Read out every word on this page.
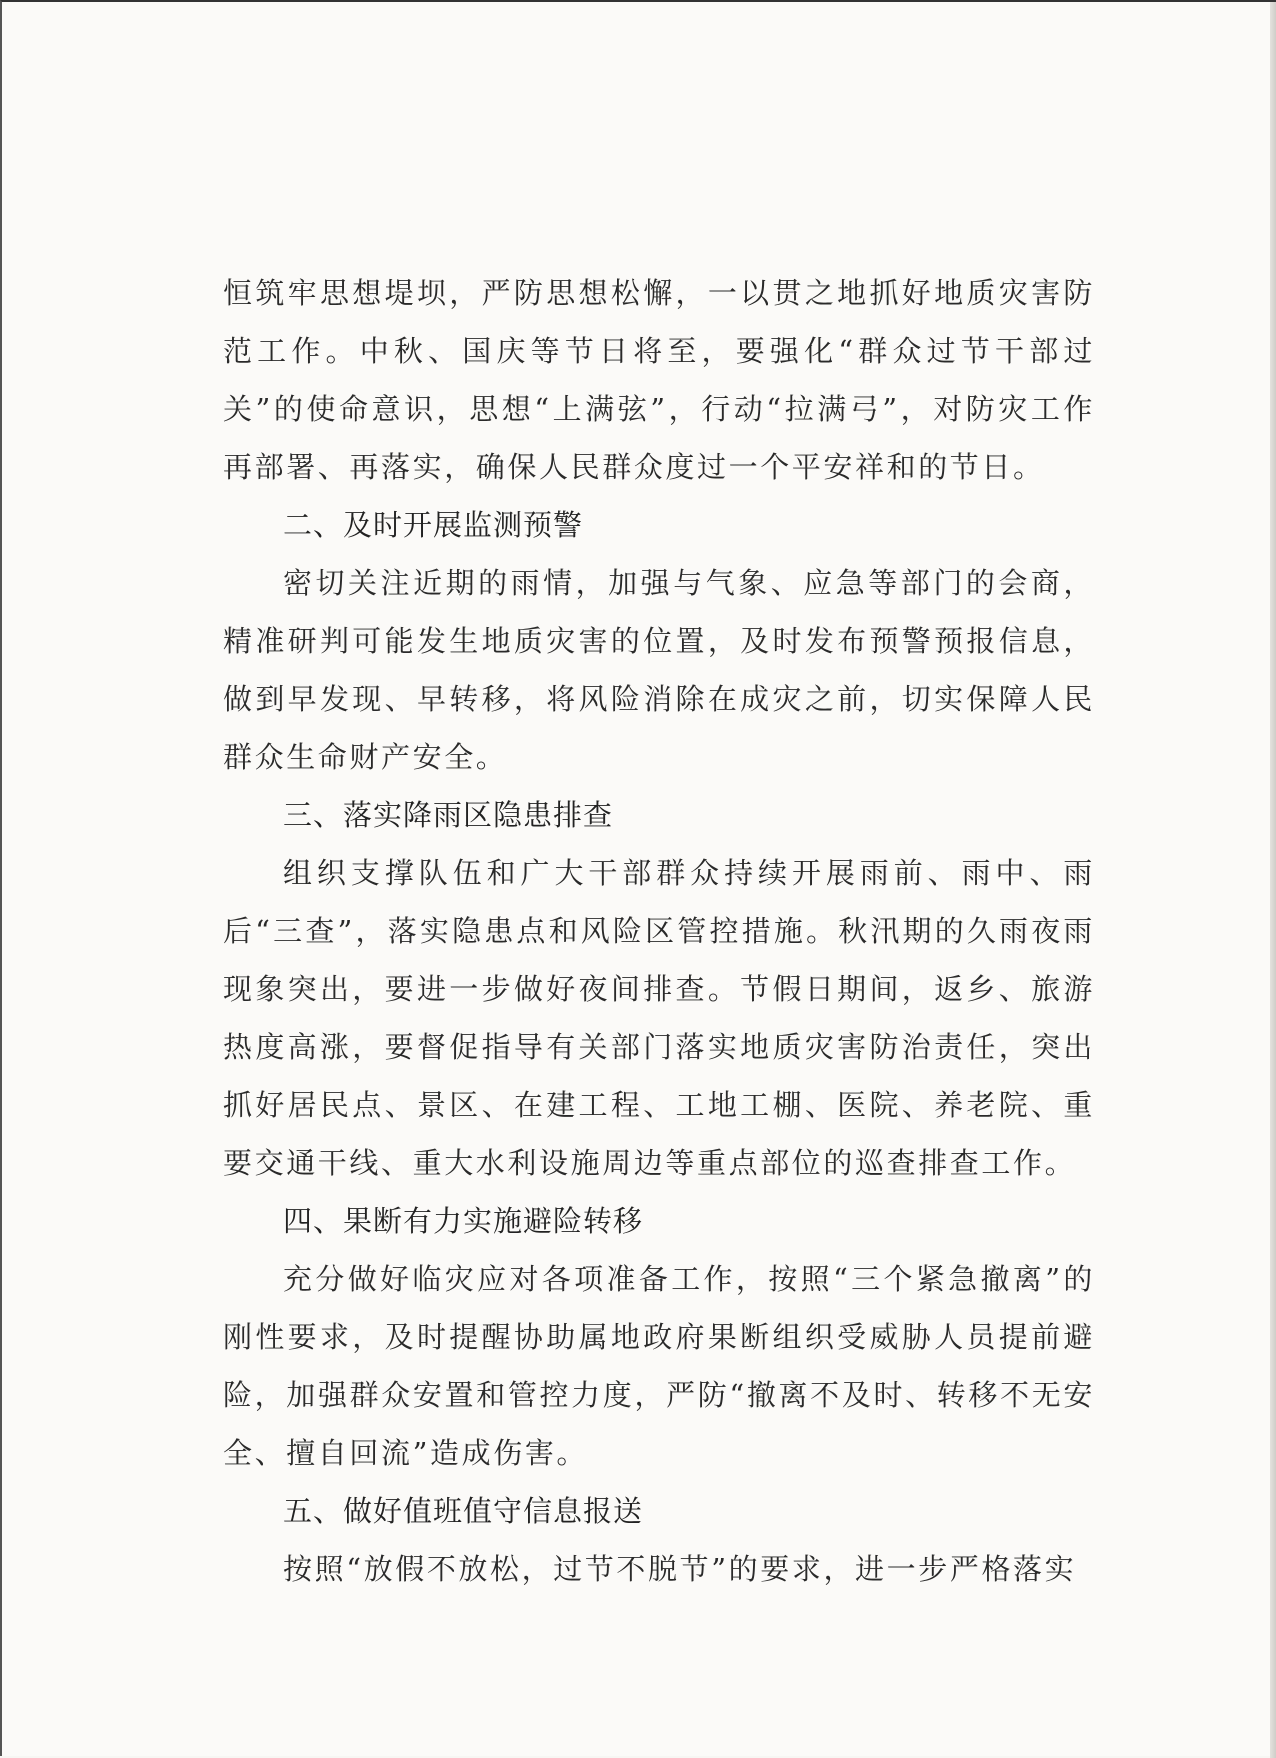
恒筑牢思想堤坝，严防思想松懈，一以贯之地抓好地质灾害防范工作。中秋、国庆等节日将至，要强化“群众过节干部过关”的使命意识，思想“上满弦”，行动“拉满弓”，对防灾工作再部署、再落实，确保人民群众度过一个平安祥和的节日。

二、及时开展监测预警

密切关注近期的雨情，加强与气象、应急等部门的会商，精准研判可能发生地质灾害的位置，及时发布预警预报信息，做到早发现、早转移，将风险消除在成灾之前，切实保障人民群众生命财产安全。

三、落实降雨区隐患排查

组织支撑队伍和广大干部群众持续开展雨前、雨中、雨后“三查”，落实隐患点和风险区管控措施。秋汛期的久雨夜雨现象突出，要进一步做好夜间排查。节假日期间，返乡、旅游热度高涨，要督促指导有关部门落实地质灾害防治责任，突出抓好居民点、景区、在建工程、工地工棚、医院、养老院、重要交通干线、重大水利设施周边等重点部位的巡查排查工作。

四、果断有力实施避险转移

充分做好临灾应对各项准备工作，按照“三个紧急撤离”的刚性要求，及时提醒协助属地政府果断组织受威胁人员提前避险，加强群众安置和管控力度，严防“撤离不及时、转移不无安全、擅自回流”造成伤害。

五、做好值班值守信息报送

按照“放假不放松，过节不脱节”的要求，进一步严格落实
